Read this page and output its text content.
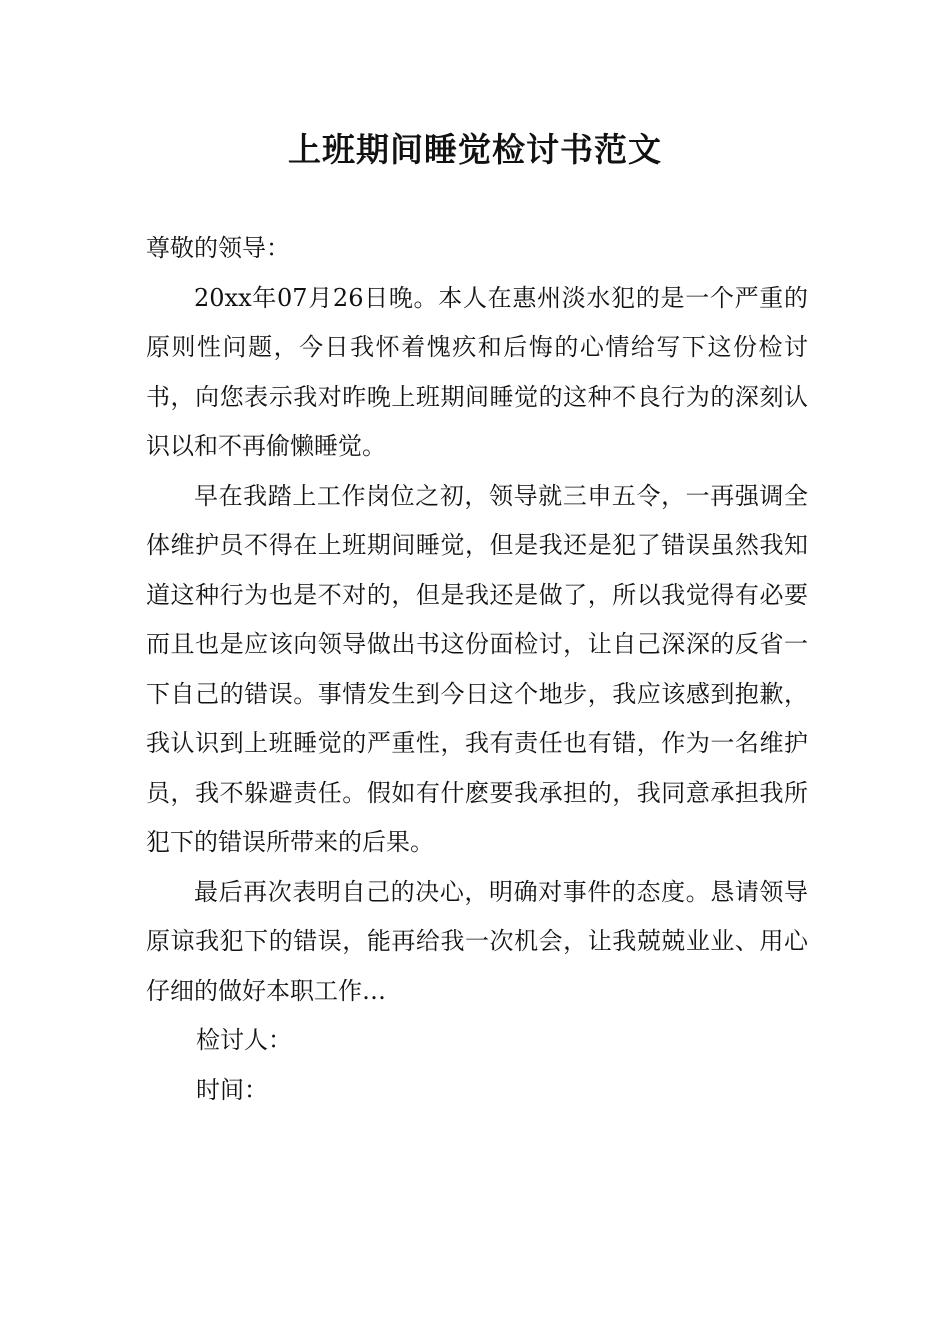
上班期间睡觉检讨书范文

尊敬的领导：

20xx年07月26日晚。本人在惠州淡水犯的是一个严重的原则性问题，今日我怀着愧疚和后悔的心情给写下这份检讨书，向您表示我对昨晚上班期间睡觉的这种不良行为的深刻认识以和不再偷懒睡觉。

早在我踏上工作岗位之初，领导就三申五令，一再强调全体维护员不得在上班期间睡觉，但是我还是犯了错误虽然我知道这种行为也是不对的，但是我还是做了，所以我觉得有必要而且也是应该向领导做出书这份面检讨，让自己深深的反省一下自己的错误。事情发生到今日这个地步，我应该感到抱歉，我认识到上班睡觉的严重性，我有责任也有错，作为一名维护员，我不躲避责任。假如有什麽要我承担的，我同意承担我所犯下的错误所带来的后果。

最后再次表明自己的决心，明确对事件的态度。恳请领导原谅我犯下的错误，能再给我一次机会，让我兢兢业业、用心仔细的做好本职工作…

检讨人：

时间：
